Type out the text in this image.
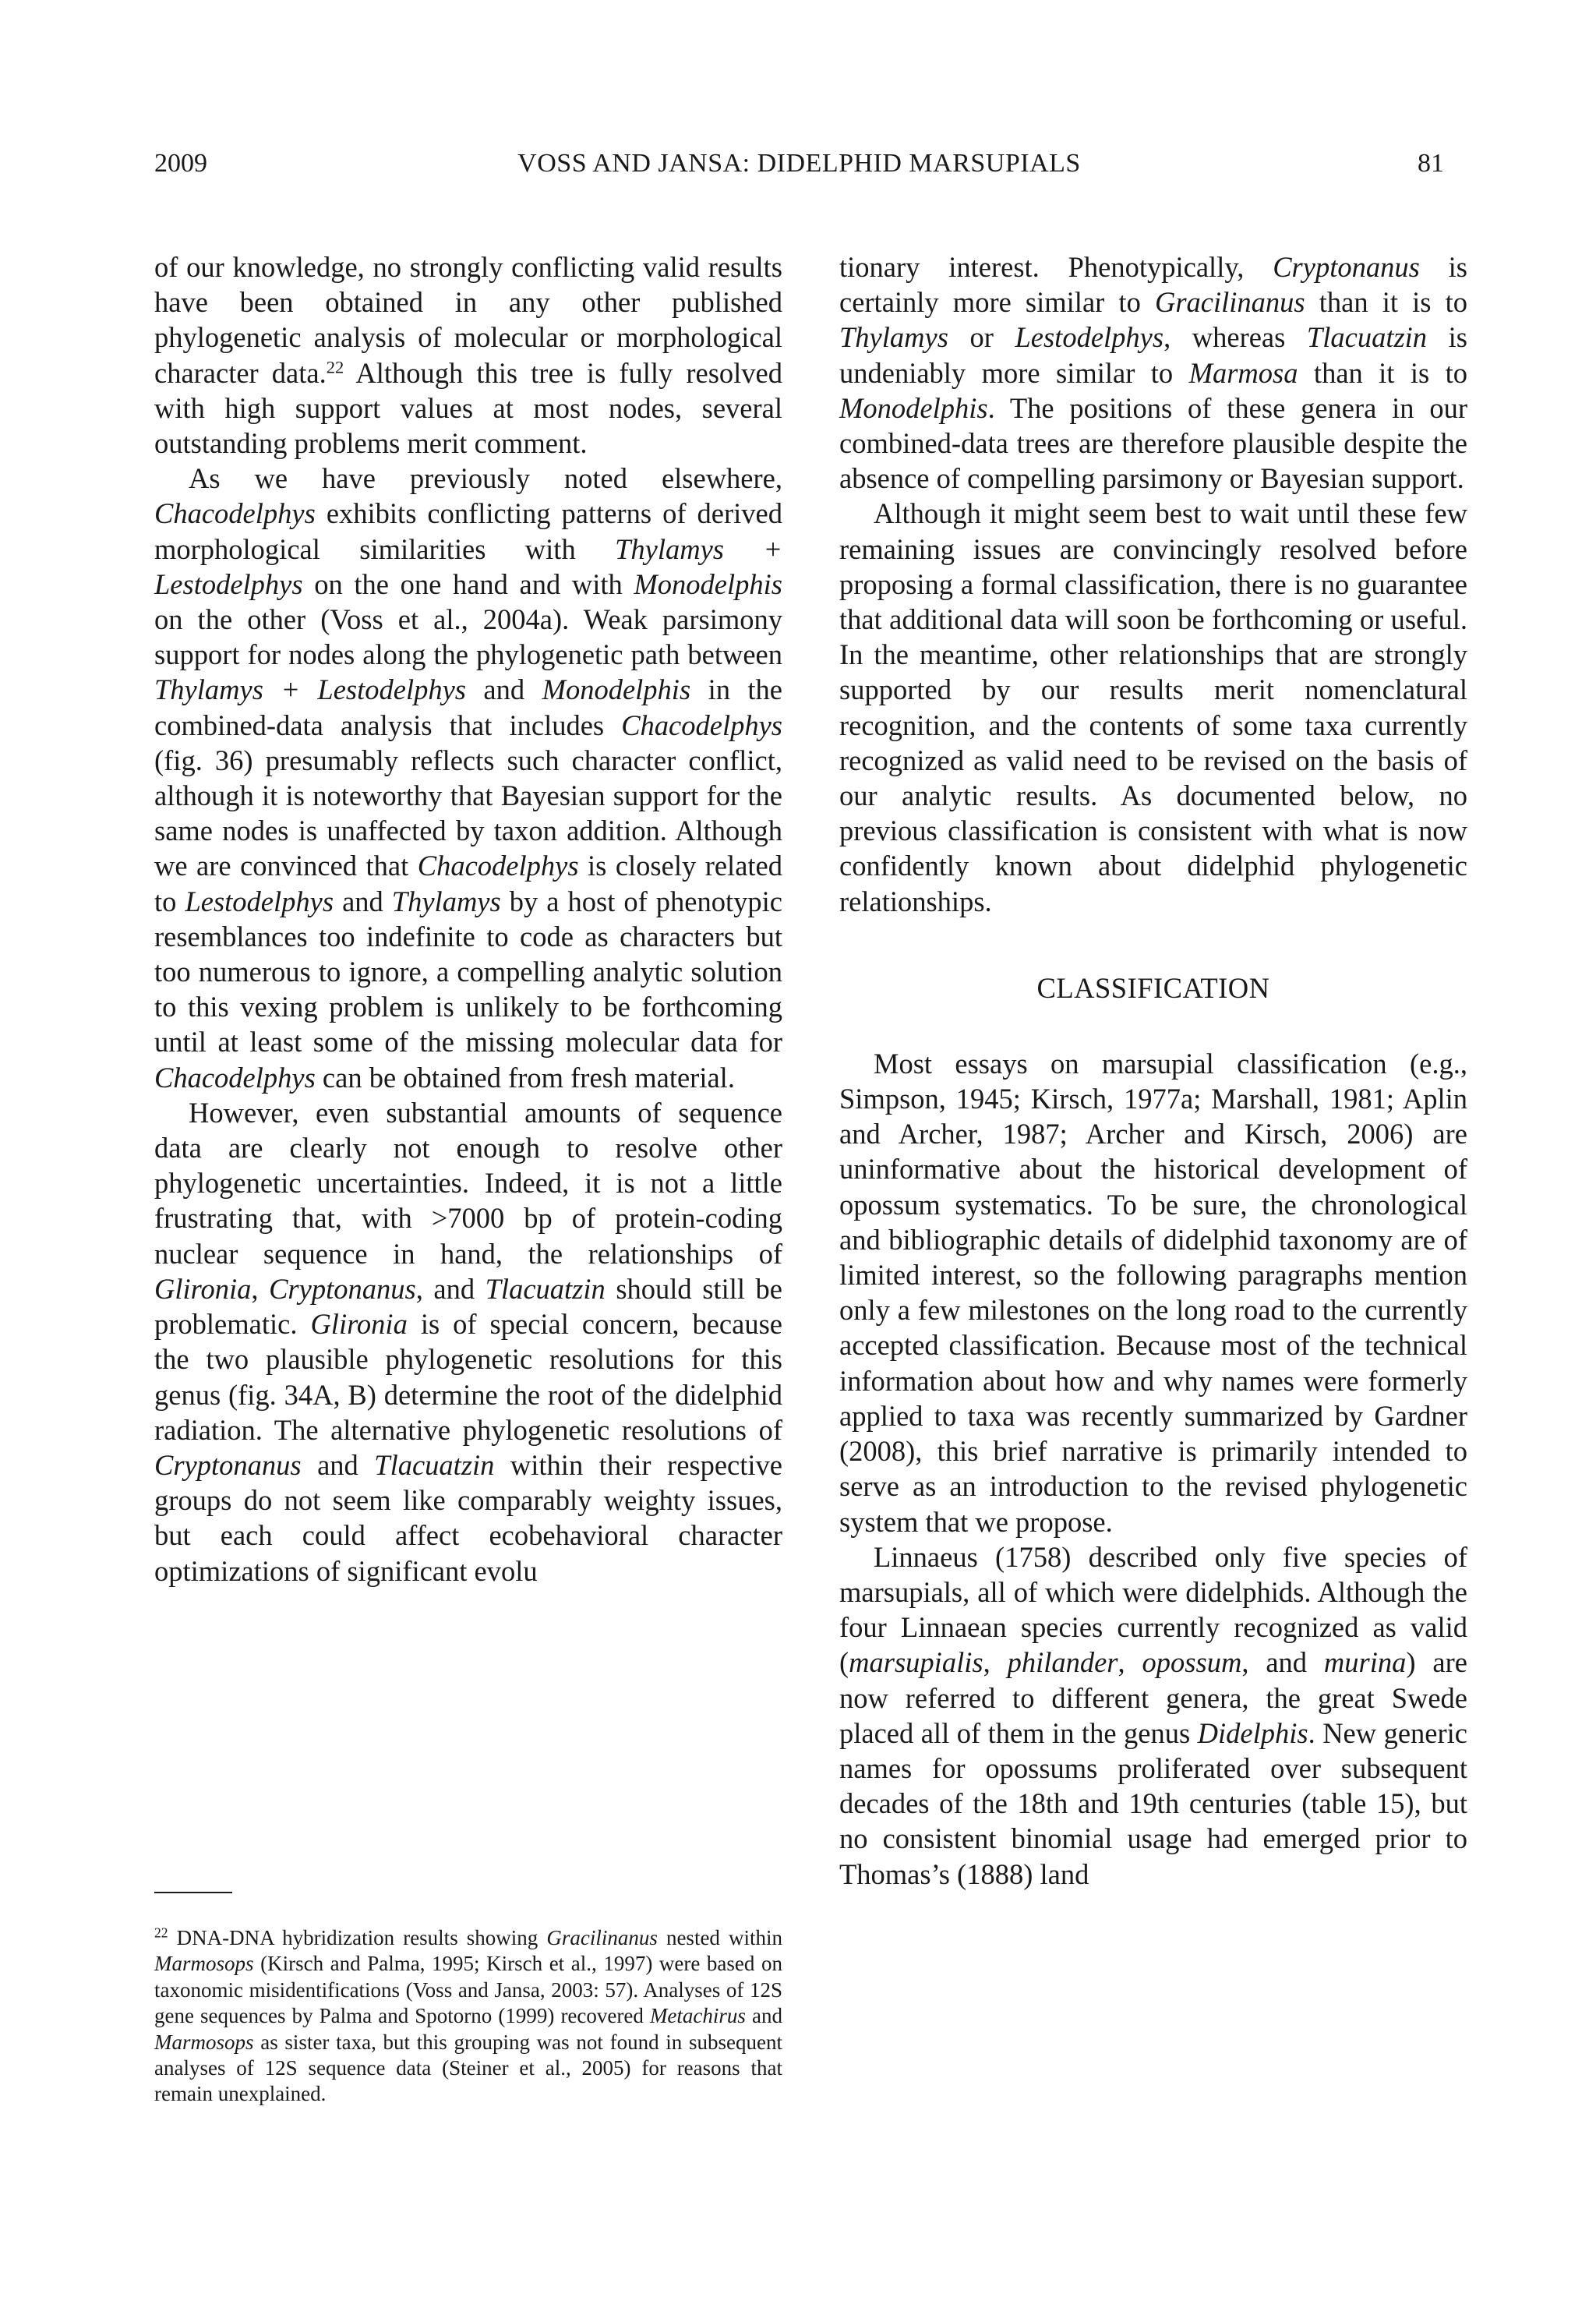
2009	VOSS AND JANSA: DIDELPHID MARSUPIALS	81

of our knowledge, no strongly conflicting valid results have been obtained in any other published phylogenetic analysis of molecular or morphological character data.$^{22}$ Although this tree is fully resolved with high support values at most nodes, several outstanding problems merit comment.

As we have previously noted elsewhere, Chacodelphys exhibits conflicting patterns of derived morphological similarities with Thylamys + Lestodelphys on the one hand and with Monodelphis on the other (Voss et al., 2004a). Weak parsimony support for nodes along the phylogenetic path between Thylamys + Lestodelphys and Monodelphis in the combined-data analysis that includes Chacodelphys (fig. 36) presumably reflects such character conflict, although it is noteworthy that Bayesian support for the same nodes is unaffected by taxon addition. Although we are convinced that Chacodelphys is closely related to Lestodelphys and Thylamys by a host of phenotypic resemblances too indefinite to code as characters but too numerous to ignore, a compelling analytic solution to this vexing problem is unlikely to be forthcoming until at least some of the missing molecular data for Chacodelphys can be obtained from fresh material.

However, even substantial amounts of sequence data are clearly not enough to resolve other phylogenetic uncertainties. Indeed, it is not a little frustrating that, with >7000 bp of protein-coding nuclear sequence in hand, the relationships of Glironia, Cryptonanus, and Tlacuatzin should still be problematic. Glironia is of special concern, because the two plausible phylogenetic resolutions for this genus (fig. 34A, B) determine the root of the didelphid radiation. The alternative phylogenetic resolutions of Cryptonanus and Tlacuatzin within their respective groups do not seem like comparably weighty issues, but each could affect ecobehavioral character optimizations of significant evolu

$^{22}$ DNA-DNA hybridization results showing Gracilinanus nested within Marmosops (Kirsch and Palma, 1995; Kirsch et al., 1997) were based on taxonomic misidentifications (Voss and Jansa, 2003: 57). Analyses of 12S gene sequences by Palma and Spotorno (1999) recovered Metachirus and Marmosops as sister taxa, but this grouping was not found in subsequent analyses of 12S sequence data (Steiner et al., 2005) for reasons that remain unexplained.

tionary interest. Phenotypically, Cryptonanus is certainly more similar to Gracilinanus than it is to Thylamys or Lestodelphys, whereas Tlacuatzin is undeniably more similar to Marmosa than it is to Monodelphis. The positions of these genera in our combined-data trees are therefore plausible despite the absence of compelling parsimony or Bayesian support.

Although it might seem best to wait until these few remaining issues are convincingly resolved before proposing a formal classification, there is no guarantee that additional data will soon be forthcoming or useful. In the meantime, other relationships that are strongly supported by our results merit nomenclatural recognition, and the contents of some taxa currently recognized as valid need to be revised on the basis of our analytic results. As documented below, no previous classification is consistent with what is now confidently known about didelphid phylogenetic relationships.

CLASSIFICATION

Most essays on marsupial classification (e.g., Simpson, 1945; Kirsch, 1977a; Marshall, 1981; Aplin and Archer, 1987; Archer and Kirsch, 2006) are uninformative about the historical development of opossum systematics. To be sure, the chronological and bibliographic details of didelphid taxonomy are of limited interest, so the following paragraphs mention only a few milestones on the long road to the currently accepted classification. Because most of the technical information about how and why names were formerly applied to taxa was recently summarized by Gardner (2008), this brief narrative is primarily intended to serve as an introduction to the revised phylogenetic system that we propose.

Linnaeus (1758) described only five species of marsupials, all of which were didelphids. Although the four Linnaean species currently recognized as valid (marsupialis, philander, opossum, and murina) are now referred to different genera, the great Swede placed all of them in the genus Didelphis. New generic names for opossums proliferated over subsequent decades of the 18th and 19th centuries (table 15), but no consistent binomial usage had emerged prior to Thomas’s (1888) land
